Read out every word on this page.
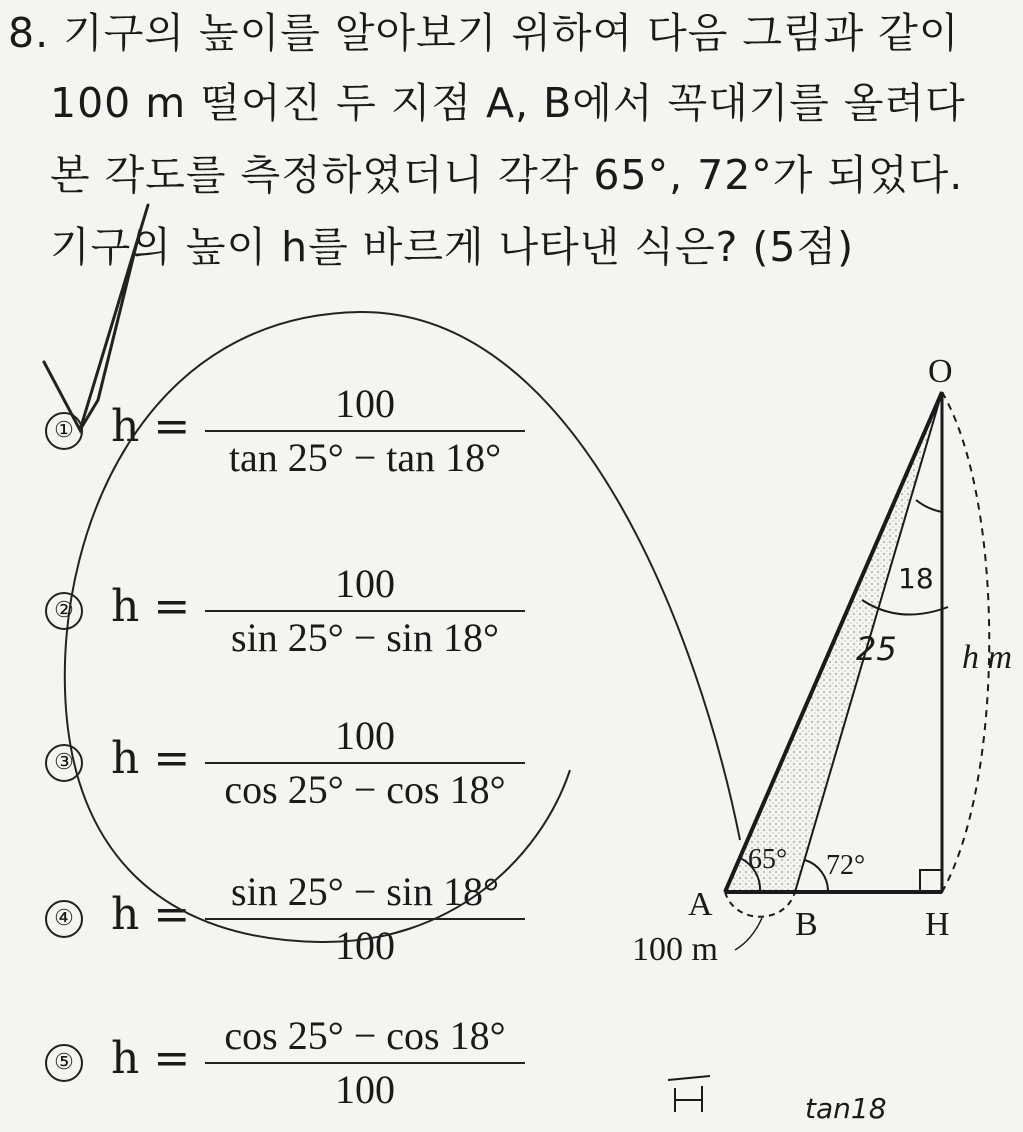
8. 기구의 높이를 알아보기 위하여 다음 그림과 같이
100 m 떨어진 두 지점 A, B에서 꼭대기를 올려다
본 각도를 측정하였더니 각각 65°, 72°가 되었다.
기구의 높이 h를 바르게 나타낸 식은? (5점)
① h =	100
tan 25° − tan 18°
② h =	100
sin 25° − sin 18°
③ h =	100
cos 25° − cos 18°
④ h =	sin 25° − sin 18°
100
⑤ h = cos 25° − cos 18°
100
O
A
B	H
65° 72°
100 m
h m
18
25
tan18
